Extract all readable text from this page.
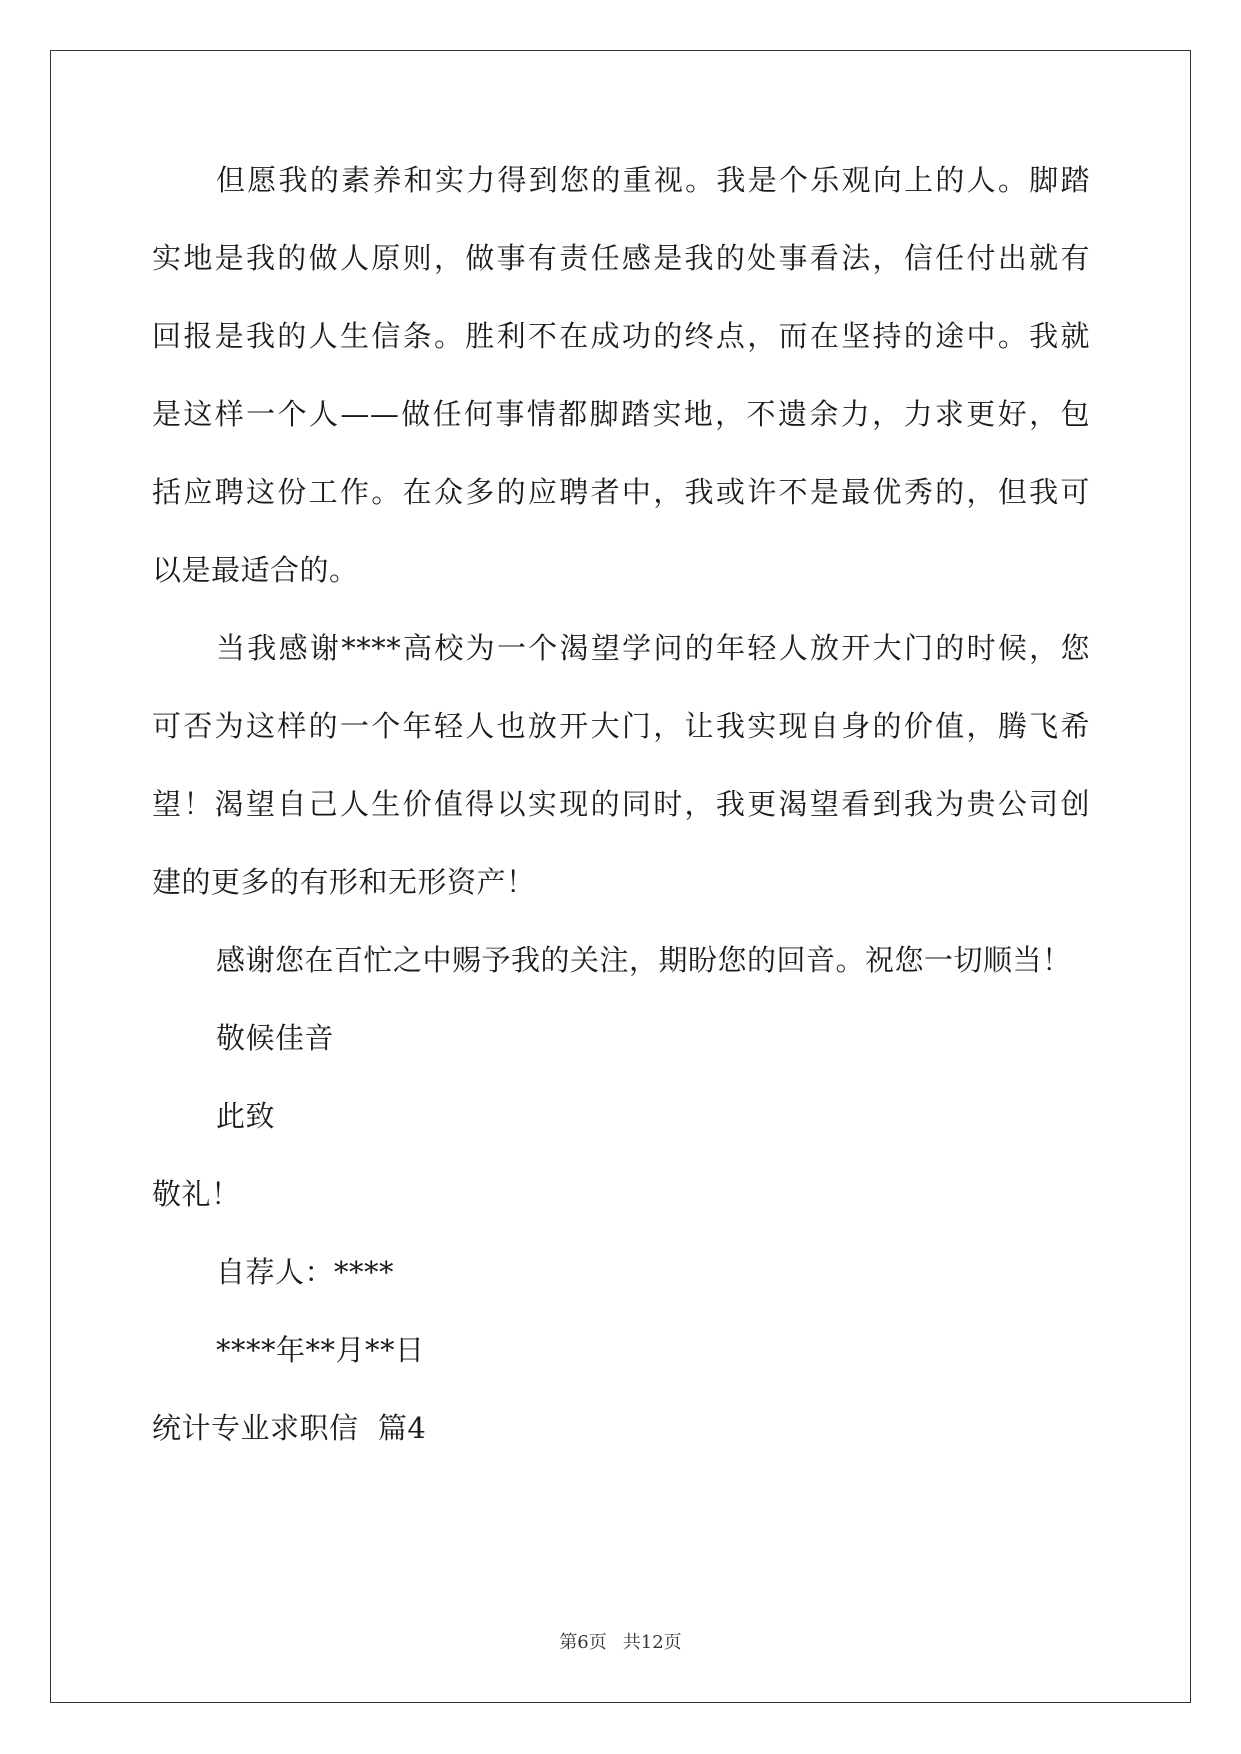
但愿我的素养和实力得到您的重视。我是个乐观向上的人。脚踏
实地是我的做人原则，做事有责任感是我的处事看法，信任付出就有
回报是我的人生信条。胜利不在成功的终点，而在坚持的途中。我就
是这样一个人——做任何事情都脚踏实地，不遗余力，力求更好，包
括应聘这份工作。在众多的应聘者中，我或许不是最优秀的，但我可
以是最适合的。
当我感谢****高校为一个渴望学问的年轻人放开大门的时候，您
可否为这样的一个年轻人也放开大门，让我实现自身的价值，腾飞希
望！渴望自己人生价值得以实现的同时，我更渴望看到我为贵公司创
建的更多的有形和无形资产！
感谢您在百忙之中赐予我的关注，期盼您的回音。祝您一切顺当！
敬候佳音
此致
敬礼！
自荐人：****
****年**月**日
统计专业求职信  篇4
第6页 共12页
